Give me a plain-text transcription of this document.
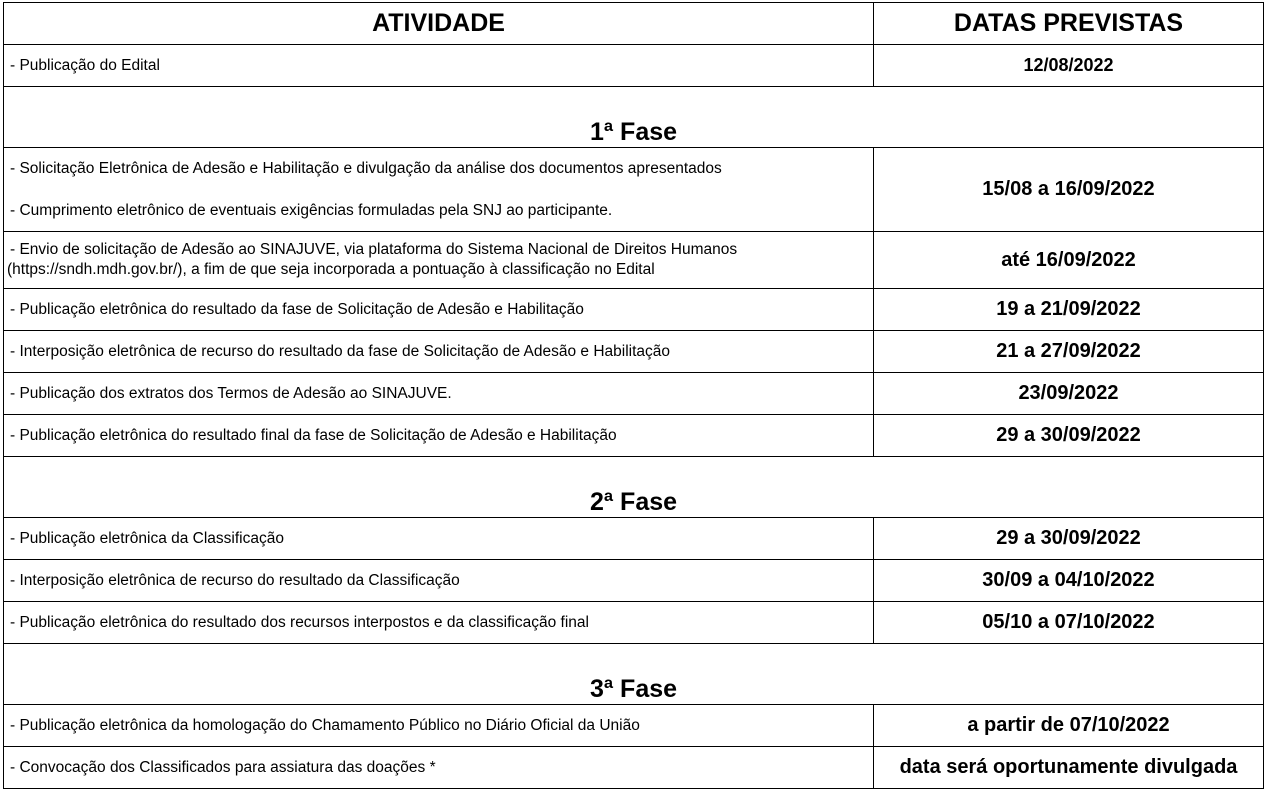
ATIVIDADE	DATAS PREVISTAS
- Publicação do Edital	12/08/2022
1ª Fase	

- Solicitação Eletrônica de Adesão e Habilitação e divulgação da análise dos documentos apresentados
- Cumprimento eletrônico de eventuais exigências formuladas pela SNJ ao participante.	15/08 a 16/09/2022

- Envio de solicitação de Adesão ao SINAJUVE, via plataforma do Sistema Nacional de Direitos Humanos
(https://sndh.mdh.gov.br/), a fim de que seja incorporada a pontuação à classificação no Edital	até 16/09/2022
- Publicação eletrônica do resultado da fase de Solicitação de Adesão e Habilitação	19 a 21/09/2022
- Interposição eletrônica de recurso do resultado da fase de Solicitação de Adesão e Habilitação	21 a 27/09/2022
- Publicação dos extratos dos Termos de Adesão ao SINAJUVE.	23/09/2022
- Publicação eletrônica do resultado final da fase de Solicitação de Adesão e Habilitação	29 a 30/09/2022
2ª Fase	
- Publicação eletrônica da Classificação	29 a 30/09/2022
- Interposição eletrônica de recurso do resultado da Classificação	30/09 a 04/10/2022
- Publicação eletrônica do resultado dos recursos interpostos e da classificação final	05/10 a 07/10/2022
3ª Fase	
- Publicação eletrônica da homologação do Chamamento Público no Diário Oficial da União	a partir de 07/10/2022
- Convocação dos Classificados para assiatura das doações *	data será oportunamente divulgada
